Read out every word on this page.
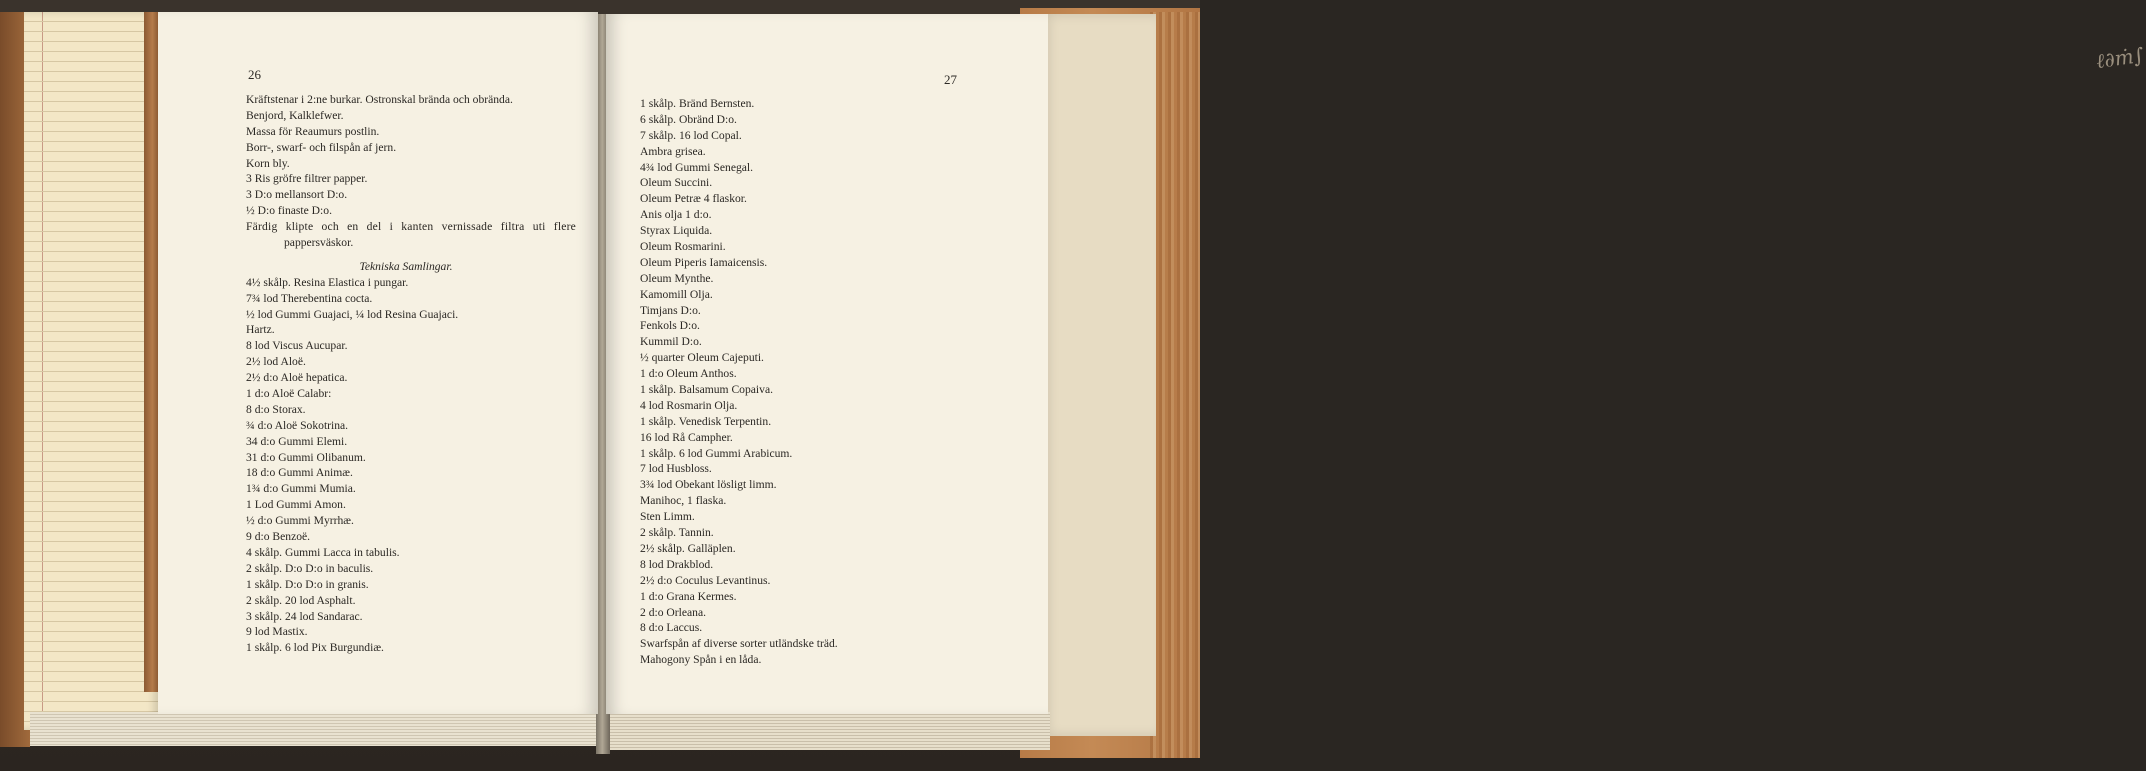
ℓ∂ṁ∫
26
Kräftstenar i 2:ne burkar. Ostronskal brända och obrända.
Benjord, Kalklefwer.
Massa för Reaumurs postlin.
Borr-, swarf- och filspån af jern.
Korn bly.
3 Ris gröfre filtrer papper.
3 D:o mellansort D:o.
½ D:o finaste D:o.
Färdig klipte och en del i kanten vernissade filtra uti flere
pappersväskor.
Tekniska Samlingar.
4½ skålp. Resina Elastica i pungar.
7¾ lod Therebentina cocta.
½ lod Gummi Guajaci, ¼ lod Resina Guajaci.
Hartz.
8 lod Viscus Aucupar.
2½ lod Aloë.
2½ d:o Aloë hepatica.
1 d:o Aloë Calabr:
8 d:o Storax.
¾ d:o Aloë Sokotrina.
34 d:o Gummi Elemi.
31 d:o Gummi Olibanum.
18 d:o Gummi Animæ.
1¾ d:o Gummi Mumia.
1 Lod Gummi Amon.
½ d:o Gummi Myrrhæ.
9 d:o Benzoë.
4 skålp. Gummi Lacca in tabulis.
2 skålp. D:o D:o in baculis.
1 skålp. D:o D:o in granis.
2 skålp. 20 lod Asphalt.
3 skålp. 24 lod Sandarac.
9 lod Mastix.
1 skålp. 6 lod Pix Burgundiæ.
27
1 skålp. Bränd Bernsten.
6 skålp. Obränd D:o.
7 skålp. 16 lod Copal.
Ambra grisea.
4¾ lod Gummi Senegal.
Oleum Succini.
Oleum Petræ 4 flaskor.
Anis olja 1 d:o.
Styrax Liquida.
Oleum Rosmarini.
Oleum Piperis Iamaicensis.
Oleum Mynthe.
Kamomill Olja.
Timjans D:o.
Fenkols D:o.
Kummil D:o.
½ quarter Oleum Cajeputi.
1 d:o Oleum Anthos.
1 skålp. Balsamum Copaiva.
4 lod Rosmarin Olja.
1 skålp. Venedisk Terpentin.
16 lod Rå Campher.
1 skålp. 6 lod Gummi Arabicum.
7 lod Husbloss.
3¾ lod Obekant lösligt limm.
Manihoc, 1 flaska.
Sten Limm.
2 skålp. Tannin.
2½ skålp. Galläplen.
8 lod Drakblod.
2½ d:o Coculus Levantinus.
1 d:o Grana Kermes.
2 d:o Orleana.
8 d:o Laccus.
Swarfspån af diverse sorter utländske träd.
Mahogony Spån i en låda.
